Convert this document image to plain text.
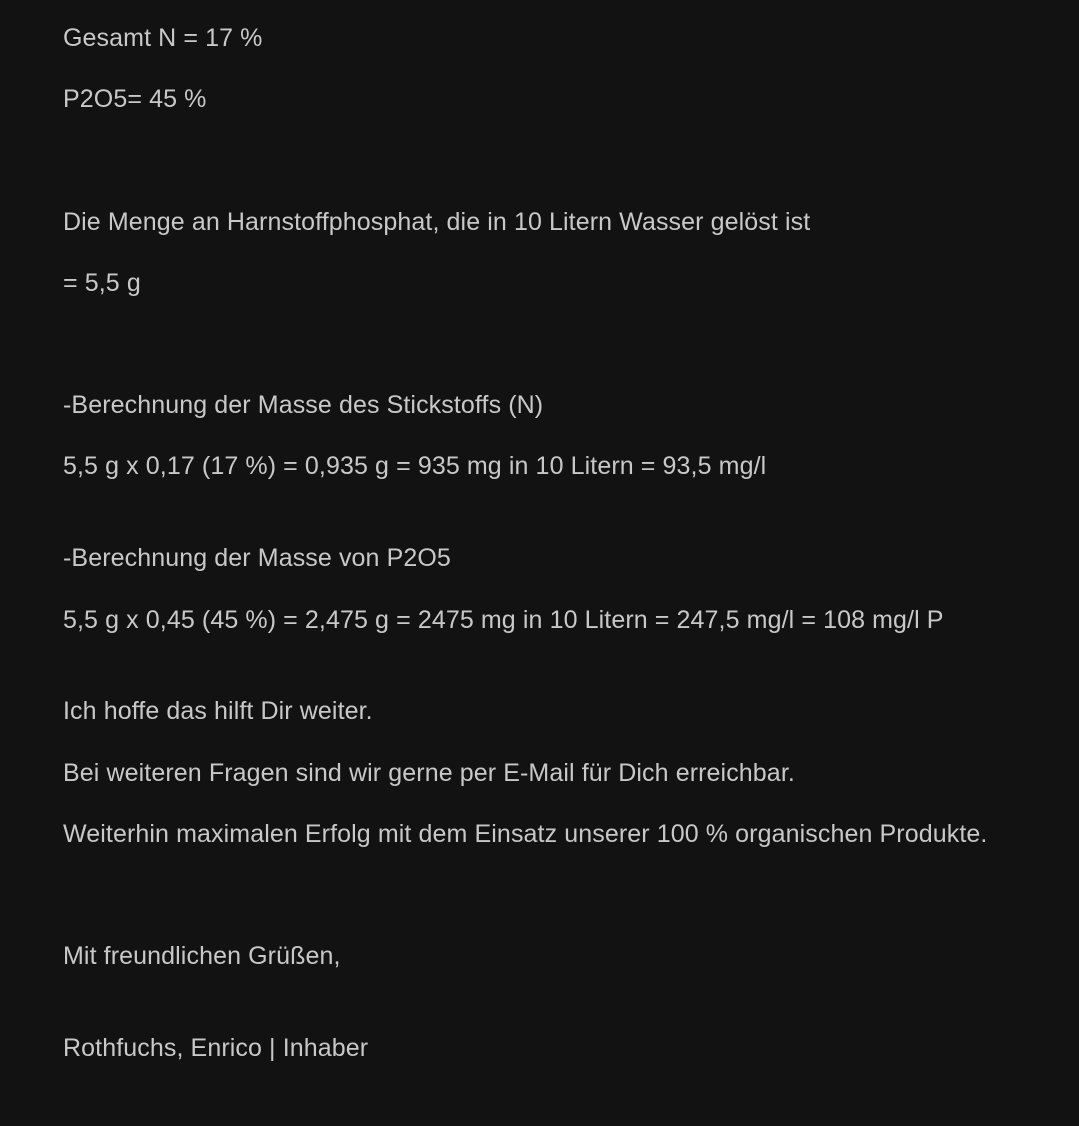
Gesamt N = 17 %
P2O5= 45 %
Die Menge an Harnstoffphosphat, die in 10 Litern Wasser gelöst ist
= 5,5 g
-Berechnung der Masse des Stickstoffs (N)
5,5 g x 0,17 (17 %) = 0,935 g = 935 mg in 10 Litern = 93,5 mg/l
-Berechnung der Masse von P2O5
5,5 g x 0,45 (45 %) = 2,475 g = 2475 mg in 10 Litern = 247,5 mg/l = 108 mg/l P
Ich hoffe das hilft Dir weiter.
Bei weiteren Fragen sind wir gerne per E-Mail für Dich erreichbar.
Weiterhin maximalen Erfolg mit dem Einsatz unserer 100 % organischen Produkte.
Mit freundlichen Grüßen,
Rothfuchs, Enrico | Inhaber
